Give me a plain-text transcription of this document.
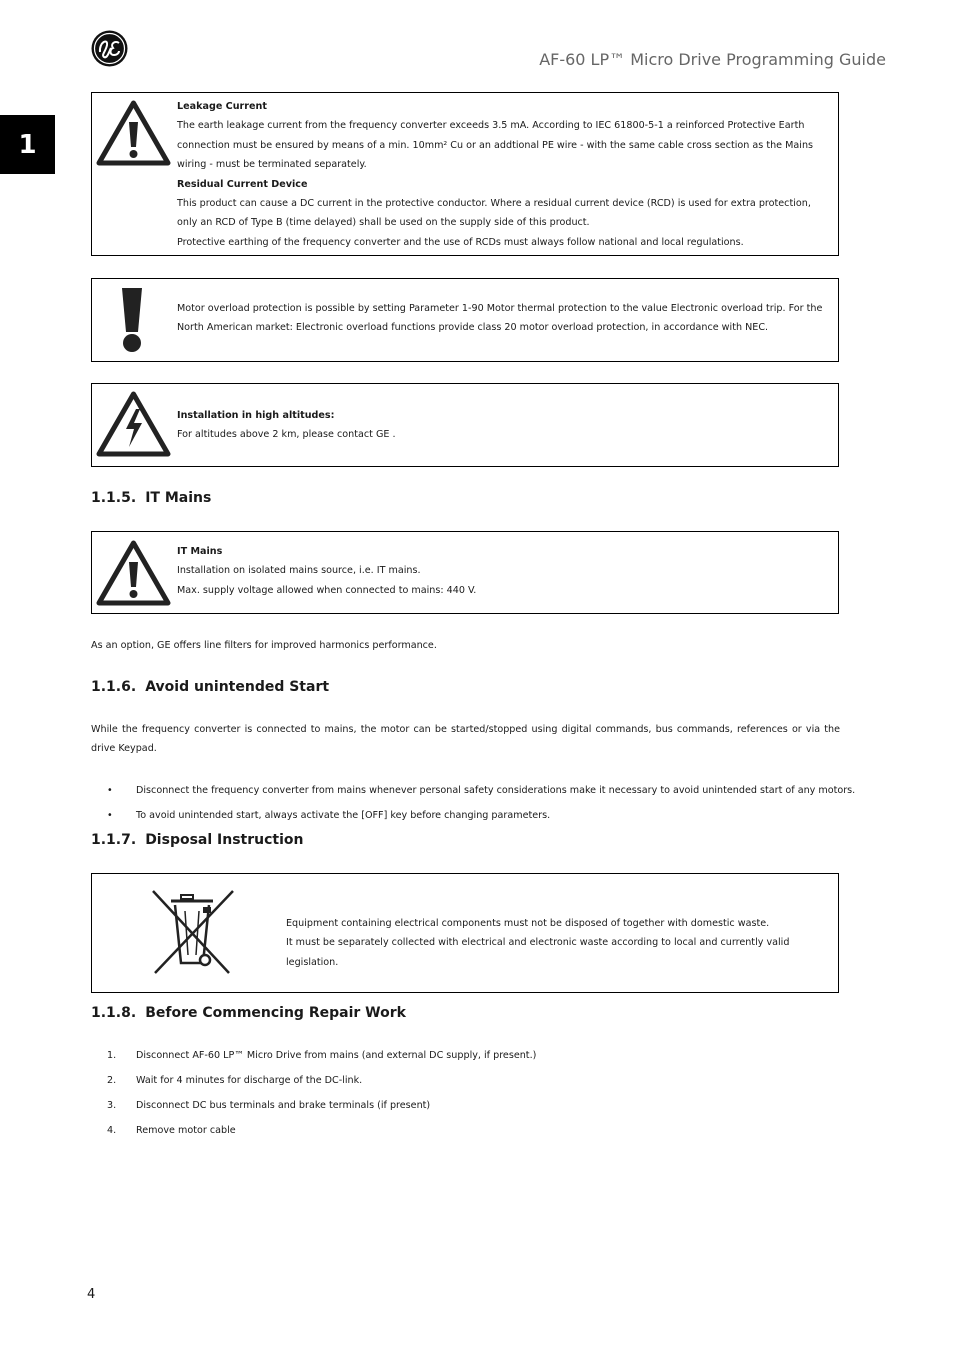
AF-60 LP™ Micro Drive Programming Guide
1
Leakage Current
The earth leakage current from the frequency converter exceeds 3.5 mA. According to IEC 61800-5-1 a reinforced Protective Earth connection must be ensured by means of a min. 10mm² Cu or an addtional PE wire - with the same cable cross section as the Mains wiring - must be terminated separately.
Residual Current Device
This product can cause a DC current in the protective conductor. Where a residual current device (RCD) is used for extra protection, only an RCD of Type B (time delayed) shall be used on the supply side of this product.
Protective earthing of the frequency converter and the use of RCDs must always follow national and local regulations.
Motor overload protection is possible by setting Parameter 1-90 Motor thermal protection to the value Electronic overload trip. For the North American market: Electronic overload functions provide class 20 motor overload protection, in accordance with NEC.
Installation in high altitudes:
For altitudes above 2 km, please contact GE .
1.1.5. IT Mains
IT Mains
Installation on isolated mains source, i.e. IT mains.
Max. supply voltage allowed when connected to mains: 440 V.
As an option, GE offers line filters for improved harmonics performance.
1.1.6. Avoid unintended Start
While the frequency converter is connected to mains, the motor can be started/stopped using digital commands, bus commands, references or via the drive Keypad.
• Disconnect the frequency converter from mains whenever personal safety considerations make it necessary to avoid unintended start of any motors.
• To avoid unintended start, always activate the [OFF] key before changing parameters.
1.1.7. Disposal Instruction
Equipment containing electrical components must not be disposed of together with domestic waste.
It must be separately collected with electrical and electronic waste according to local and currently valid legislation.
1.1.8. Before Commencing Repair Work
1. Disconnect AF-60 LP™ Micro Drive from mains (and external DC supply, if present.)
2. Wait for 4 minutes for discharge of the DC-link.
3. Disconnect DC bus terminals and brake terminals (if present)
4. Remove motor cable
4
